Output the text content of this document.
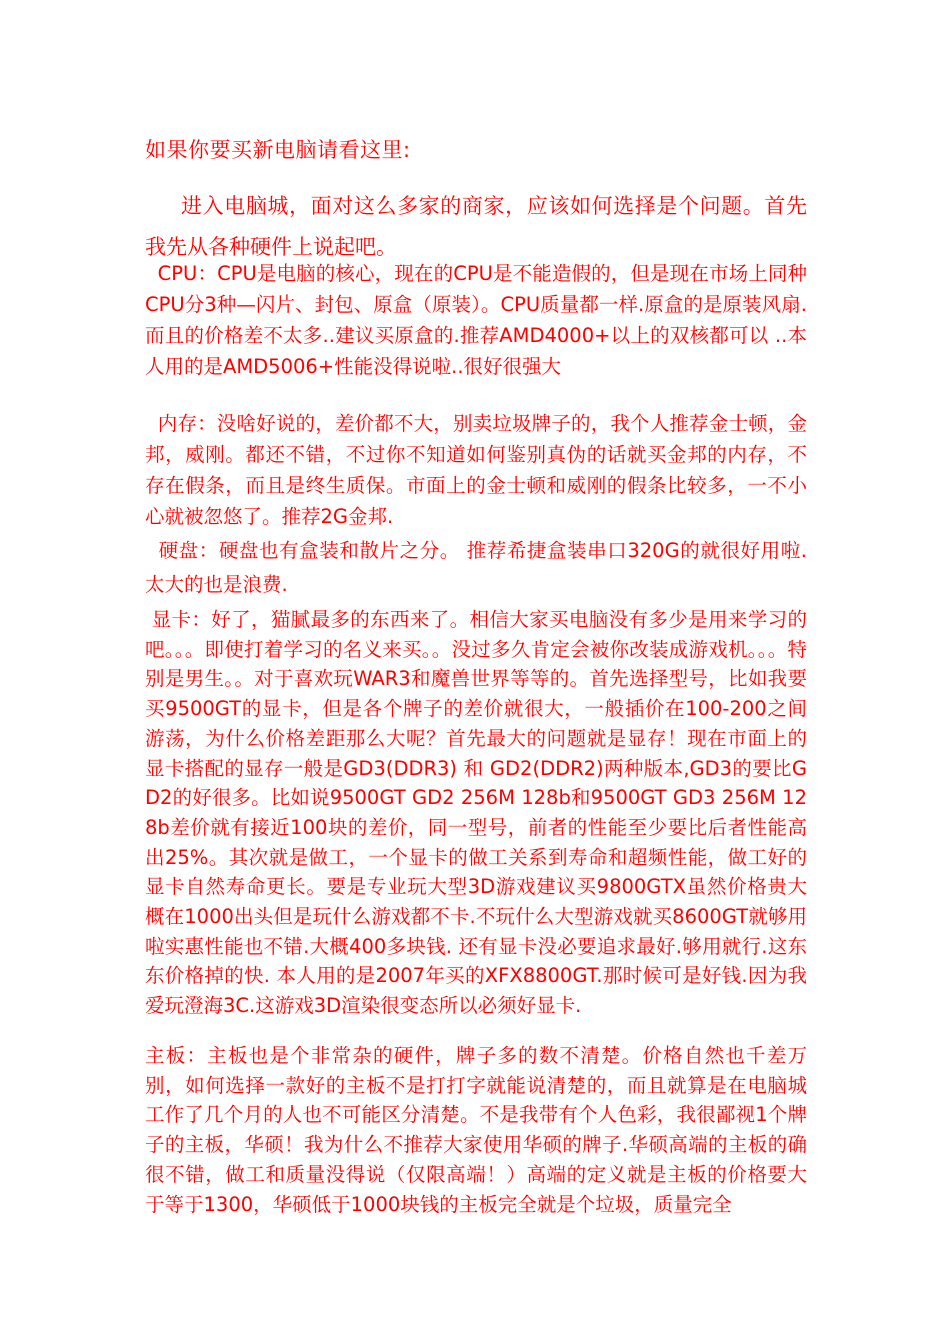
如果你要买新电脑请看这里:

进入电脑城，面对这么多家的商家，应该如何选择是个问题。首先我先从各种硬件上说起吧。

CPU：CPU是电脑的核心，现在的CPU是不能造假的，但是现在市场上同种CPU分3种—闪片、封包、原盒（原装）。CPU质量都一样.原盒的是原装风扇.而且的价格差不太多..建议买原盒的.推荐AMD4000+以上的双核都可以 ..本人用的是AMD5006+性能没得说啦..很好很强大

内存：没啥好说的，差价都不大，别卖垃圾牌子的，我个人推荐金士顿，金邦，威刚。都还不错，不过你不知道如何鉴别真伪的话就买金邦的内存，不存在假条，而且是终生质保。市面上的金士顿和威刚的假条比较多，一不小心就被忽悠了。推荐2G金邦.

硬盘：硬盘也有盒装和散片之分。 推荐希捷盒装串口320G的就很好用啦. 太大的也是浪费.

显卡：好了，猫腻最多的东西来了。相信大家买电脑没有多少是用来学习的吧。。。即使打着学习的名义来买。。没过多久肯定会被你改装成游戏机。。。特别是男生。。对于喜欢玩WAR3和魔兽世界等等的。首先选择型号，比如我要买9500GT的显卡，但是各个牌子的差价就很大，一般插价在100-200之间游荡，为什么价格差距那么大呢？首先最大的问题就是显存！现在市面上的显卡搭配的显存一般是GD3(DDR3) 和 GD2(DDR2)两种版本,GD3的要比GD2的好很多。比如说9500GT GD2 256M 128b和9500GT GD3 256M 128b差价就有接近100块的差价，同一型号，前者的性能至少要比后者性能高出25%。其次就是做工，一个显卡的做工关系到寿命和超频性能，做工好的显卡自然寿命更长。要是专业玩大型3D游戏建议买9800GTX虽然价格贵大概在1000出头但是玩什么游戏都不卡.不玩什么大型游戏就买8600GT就够用啦实惠性能也不错.大概400多块钱. 还有显卡没必要追求最好.够用就行.这东东价格掉的快. 本人用的是2007年买的XFX8800GT.那时候可是好钱.因为我爱玩澄海3C.这游戏3D渲染很变态所以必须好显卡.

主板：主板也是个非常杂的硬件，牌子多的数不清楚。价格自然也千差万别，如何选择一款好的主板不是打打字就能说清楚的，而且就算是在电脑城工作了几个月的人也不可能区分清楚。不是我带有个人色彩，我很鄙视1个牌子的主板，华硕！我为什么不推荐大家使用华硕的牌子.华硕高端的主板的确很不错，做工和质量没得说（仅限高端！）高端的定义就是主板的价格要大于等于1300，华硕低于1000块钱的主板完全就是个垃圾，质量完全
